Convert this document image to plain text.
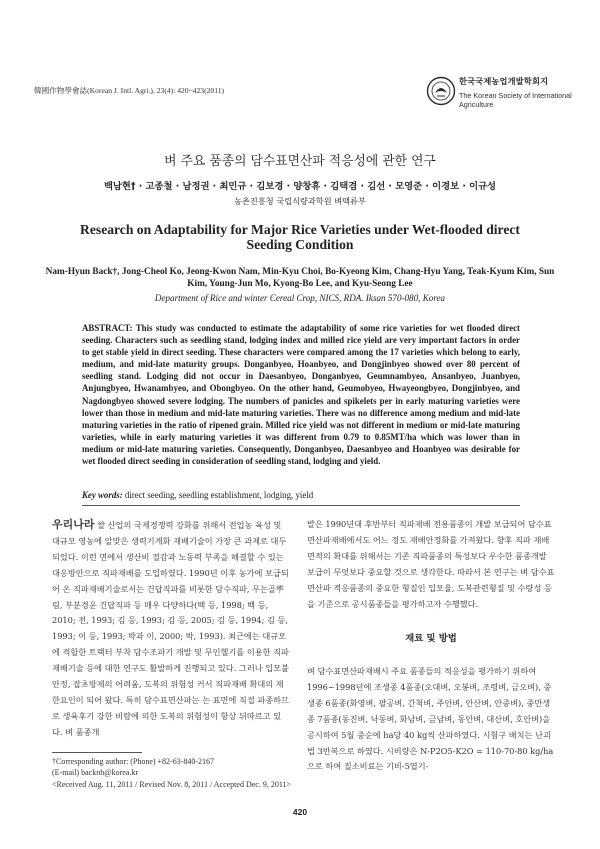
韓國作物學會誌(Korean J. Intl. Agri.), 23(4): 420~423(2011)
한국국제농업개발학회지
The Korean Society of International
Agriculture
벼 주요 품종의 담수표면산파 적응성에 관한 연구
백남현† · 고종철 · 남정권 · 최민규 · 김보경 · 양창휴 · 김택겸 · 김선 · 모영준 · 이경보 · 이규성
농촌진흥청 국립식량과학원 벼맥류부
Research on Adaptability for Major Rice Varieties under Wet-flooded direct Seeding Condition
Nam-Hyun Back†, Jong-Cheol Ko, Jeong-Kwon Nam, Min-Kyu Choi, Bo-Kyeong Kim, Chang-Hyu Yang, Teak-Kyum Kim, Sun Kim, Young-Jun Mo, Kyong-Bo Lee, and Kyu-Seong Lee
Department of Rice and winter Cereal Crop, NICS, RDA. Iksan 570-080, Korea
ABSTRACT: This study was conducted to estimate the adaptability of some rice varieties for wet flooded direct seeding. Characters such as seedling stand, lodging index and milled rice yield are very important factors in order to get stable yield in direct seeding. These characters were compared among the 17 varieties which belong to early, medium, and mid-late maturity groups. Donganbyeo, Hoanbyeo, and Dongjinbyeo showed over 80 percent of seedling stand. Lodging did not occur in Daesanbyeo, Donganbyeo, Geumnambyeo, Ansanbyeo, Juanbyeo, Anjungbyeo, Hwanambyeo, and Obongbyeo. On the other hand, Geumobyeo, Hwayeongbyeo, Dongjinbyeo, and Nagdongbyeo showed severe lodging. The numbers of panicles and spikelets per in early maturing varieties were lower than those in medium and mid-late maturing varieties. There was no difference among medium and mid-late maturing varieties in the ratio of ripened grain. Milled rice yield was not different in medium or mid-late maturing varieties, while in early maturing varieties it was different from 0.79 to 0.85MT/ha which was lower than in medium or mid-late maturing varieties. Consequently, Donganbyeo, Daesanbyeo and Hoanbyeo was desirable for wet flooded direct seeding in consideration of seedling stand, lodging and yield.
Key words: direct seeding, seedling establishment, lodging, yield

우리나라 쌀 산업의 국제경쟁력 강화를 위해서 전업농 육성 및 대규모 영농에 알맞은 생력기계화 재배기술이 가장 큰 과제로 대두되었다. 이런 면에서 생산비 절감과 노동력 부족을 해결할 수 있는 대응방안으로 직파재배를 도입하였다. 1990년 이후 농가에 보급되어 온 직파재배기술로서는 건답직파를 비롯한 담수직파, 무논골뿌림, 부분경운 건답직파 등 매우 다양하다(백 등, 1998; 백 등, 2010; 전, 1993; 김 등, 1993; 김 등, 2005; 김 등, 1994; 김 등, 1993; 이 등, 1993; 박과 이, 2000; 박, 1993). 최근에는 대규모에 적합한 트랙터 부착 담수조파기 개발 및 무인헬기를 이용한 직파재배기술 등에 대한 연구도 활발하게 진행되고 있다. 그러나 입모불안정, 잡초방제의 어려움, 도복의 위험성 커서 직파재배 확대의 제한요인이 되어 왔다. 특히 담수표면산파는 논 표면에 직접 파종하므로 생육후기 강한 비람에 의한 도복의 위험성이 항상 뒤따르고 있다. 벼 품종개

발은 1990년대 후반부터 직파재배 전용품종이 개발 보급되어 담수표면산파재배에서도 어느 정도 재배안정화를 가져왔다. 향후 직파 재배면적의 확대를 위해서는 기존 직파품종의 특성보다 우수한 품종개발 보급이 무엇보다 중요할 것으로 생각한다. 따라서 본 연구는 벼 담수표면산파 적응품종의 중요한 형질인 입모율, 도복관련형질 및 수량성 등을 기준으로 공시품종들을 평가하고자 수행했다.

재료 및 방법
벼 담수표면산파재배시 주요 품종들의 적응성을 평가하기 위하여 1996~1998년에 조생종 4품종(오대벼, 오봉벼, 조령벼, 금오벼), 중생종 6품종(화영벼, 팔공벼, 간척벼, 주안벼, 안산벼, 안중벼), 중만생종 7품종(동진벼, 낙동벼, 화남벼, 금남벼, 동안벼, 대산벼, 호안벼)을 공시하여 5월 중순에 ha당 40 kg씩 산파하였다. 시험구 배치는 난괴법 3반복으로 하였다. 시비량은 N-P2O5-K2O = 110-70-80 kg/ha으로 하여 질소비료는 기비-5엽기-
†Corresponding author: (Phone) +82-63-840-2167
(E-mail) backnh@korea.kr
<Received Aug. 11, 2011 / Revised Nov. 8, 2011 / Accepted Dec. 9, 2011>
420
